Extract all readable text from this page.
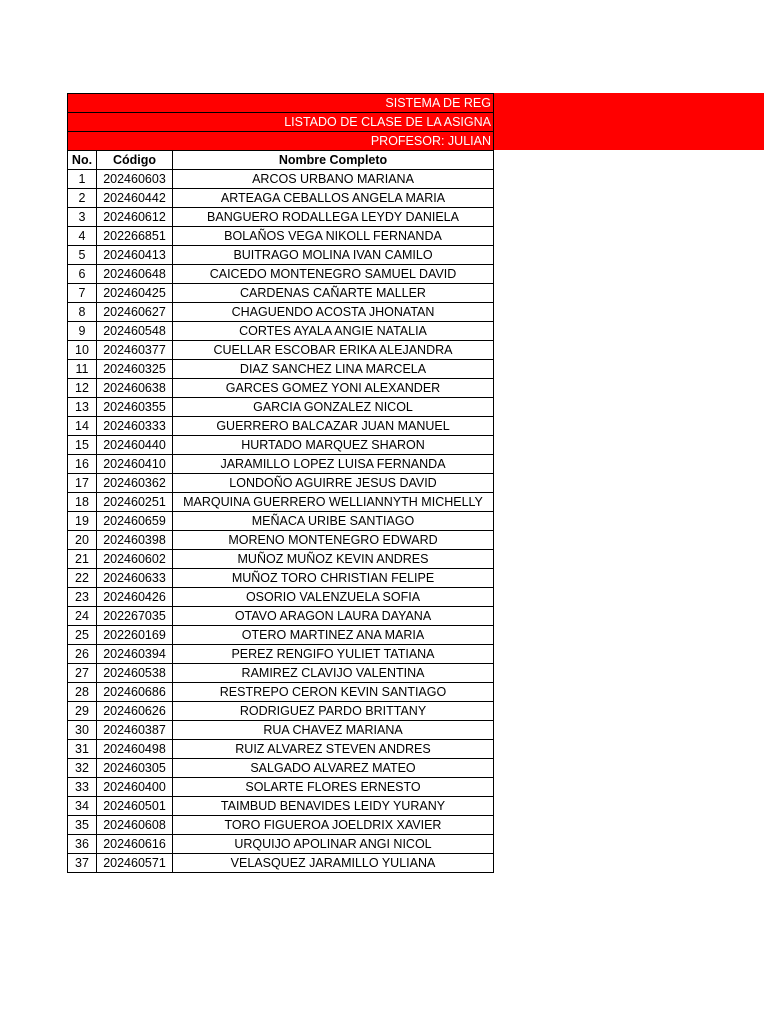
SISTEMA DE REG
LISTADO DE CLASE DE LA ASIGNA
PROFESOR: JULIAN
No.	Código	Nombre Completo
1	202460603	ARCOS URBANO MARIANA
2	202460442	ARTEAGA CEBALLOS ANGELA MARIA
3	202460612	BANGUERO RODALLEGA LEYDY DANIELA
4	202266851	BOLAÑOS VEGA NIKOLL FERNANDA
5	202460413	BUITRAGO MOLINA IVAN CAMILO
6	202460648	CAICEDO MONTENEGRO SAMUEL DAVID
7	202460425	CARDENAS CAÑARTE MALLER
8	202460627	CHAGUENDO ACOSTA JHONATAN
9	202460548	CORTES AYALA ANGIE NATALIA
10	202460377	CUELLAR ESCOBAR ERIKA ALEJANDRA
11	202460325	DIAZ SANCHEZ LINA MARCELA
12	202460638	GARCES GOMEZ YONI ALEXANDER
13	202460355	GARCIA GONZALEZ NICOL
14	202460333	GUERRERO BALCAZAR JUAN MANUEL
15	202460440	HURTADO MARQUEZ SHARON
16	202460410	JARAMILLO LOPEZ LUISA FERNANDA
17	202460362	LONDOÑO AGUIRRE JESUS DAVID
18	202460251	MARQUINA GUERRERO WELLIANNYTH MICHELLY
19	202460659	MEÑACA URIBE SANTIAGO
20	202460398	MORENO MONTENEGRO EDWARD
21	202460602	MUÑOZ MUÑOZ KEVIN ANDRES
22	202460633	MUÑOZ TORO CHRISTIAN FELIPE
23	202460426	OSORIO VALENZUELA SOFIA
24	202267035	OTAVO ARAGON LAURA DAYANA
25	202260169	OTERO MARTINEZ ANA MARIA
26	202460394	PEREZ RENGIFO YULIET TATIANA
27	202460538	RAMIREZ CLAVIJO VALENTINA
28	202460686	RESTREPO CERON KEVIN SANTIAGO
29	202460626	RODRIGUEZ PARDO BRITTANY
30	202460387	RUA CHAVEZ MARIANA
31	202460498	RUIZ ALVAREZ STEVEN ANDRES
32	202460305	SALGADO ALVAREZ MATEO
33	202460400	SOLARTE FLORES ERNESTO
34	202460501	TAIMBUD BENAVIDES LEIDY YURANY
35	202460608	TORO FIGUEROA JOELDRIX XAVIER
36	202460616	URQUIJO APOLINAR ANGI NICOL
37	202460571	VELASQUEZ JARAMILLO YULIANA
